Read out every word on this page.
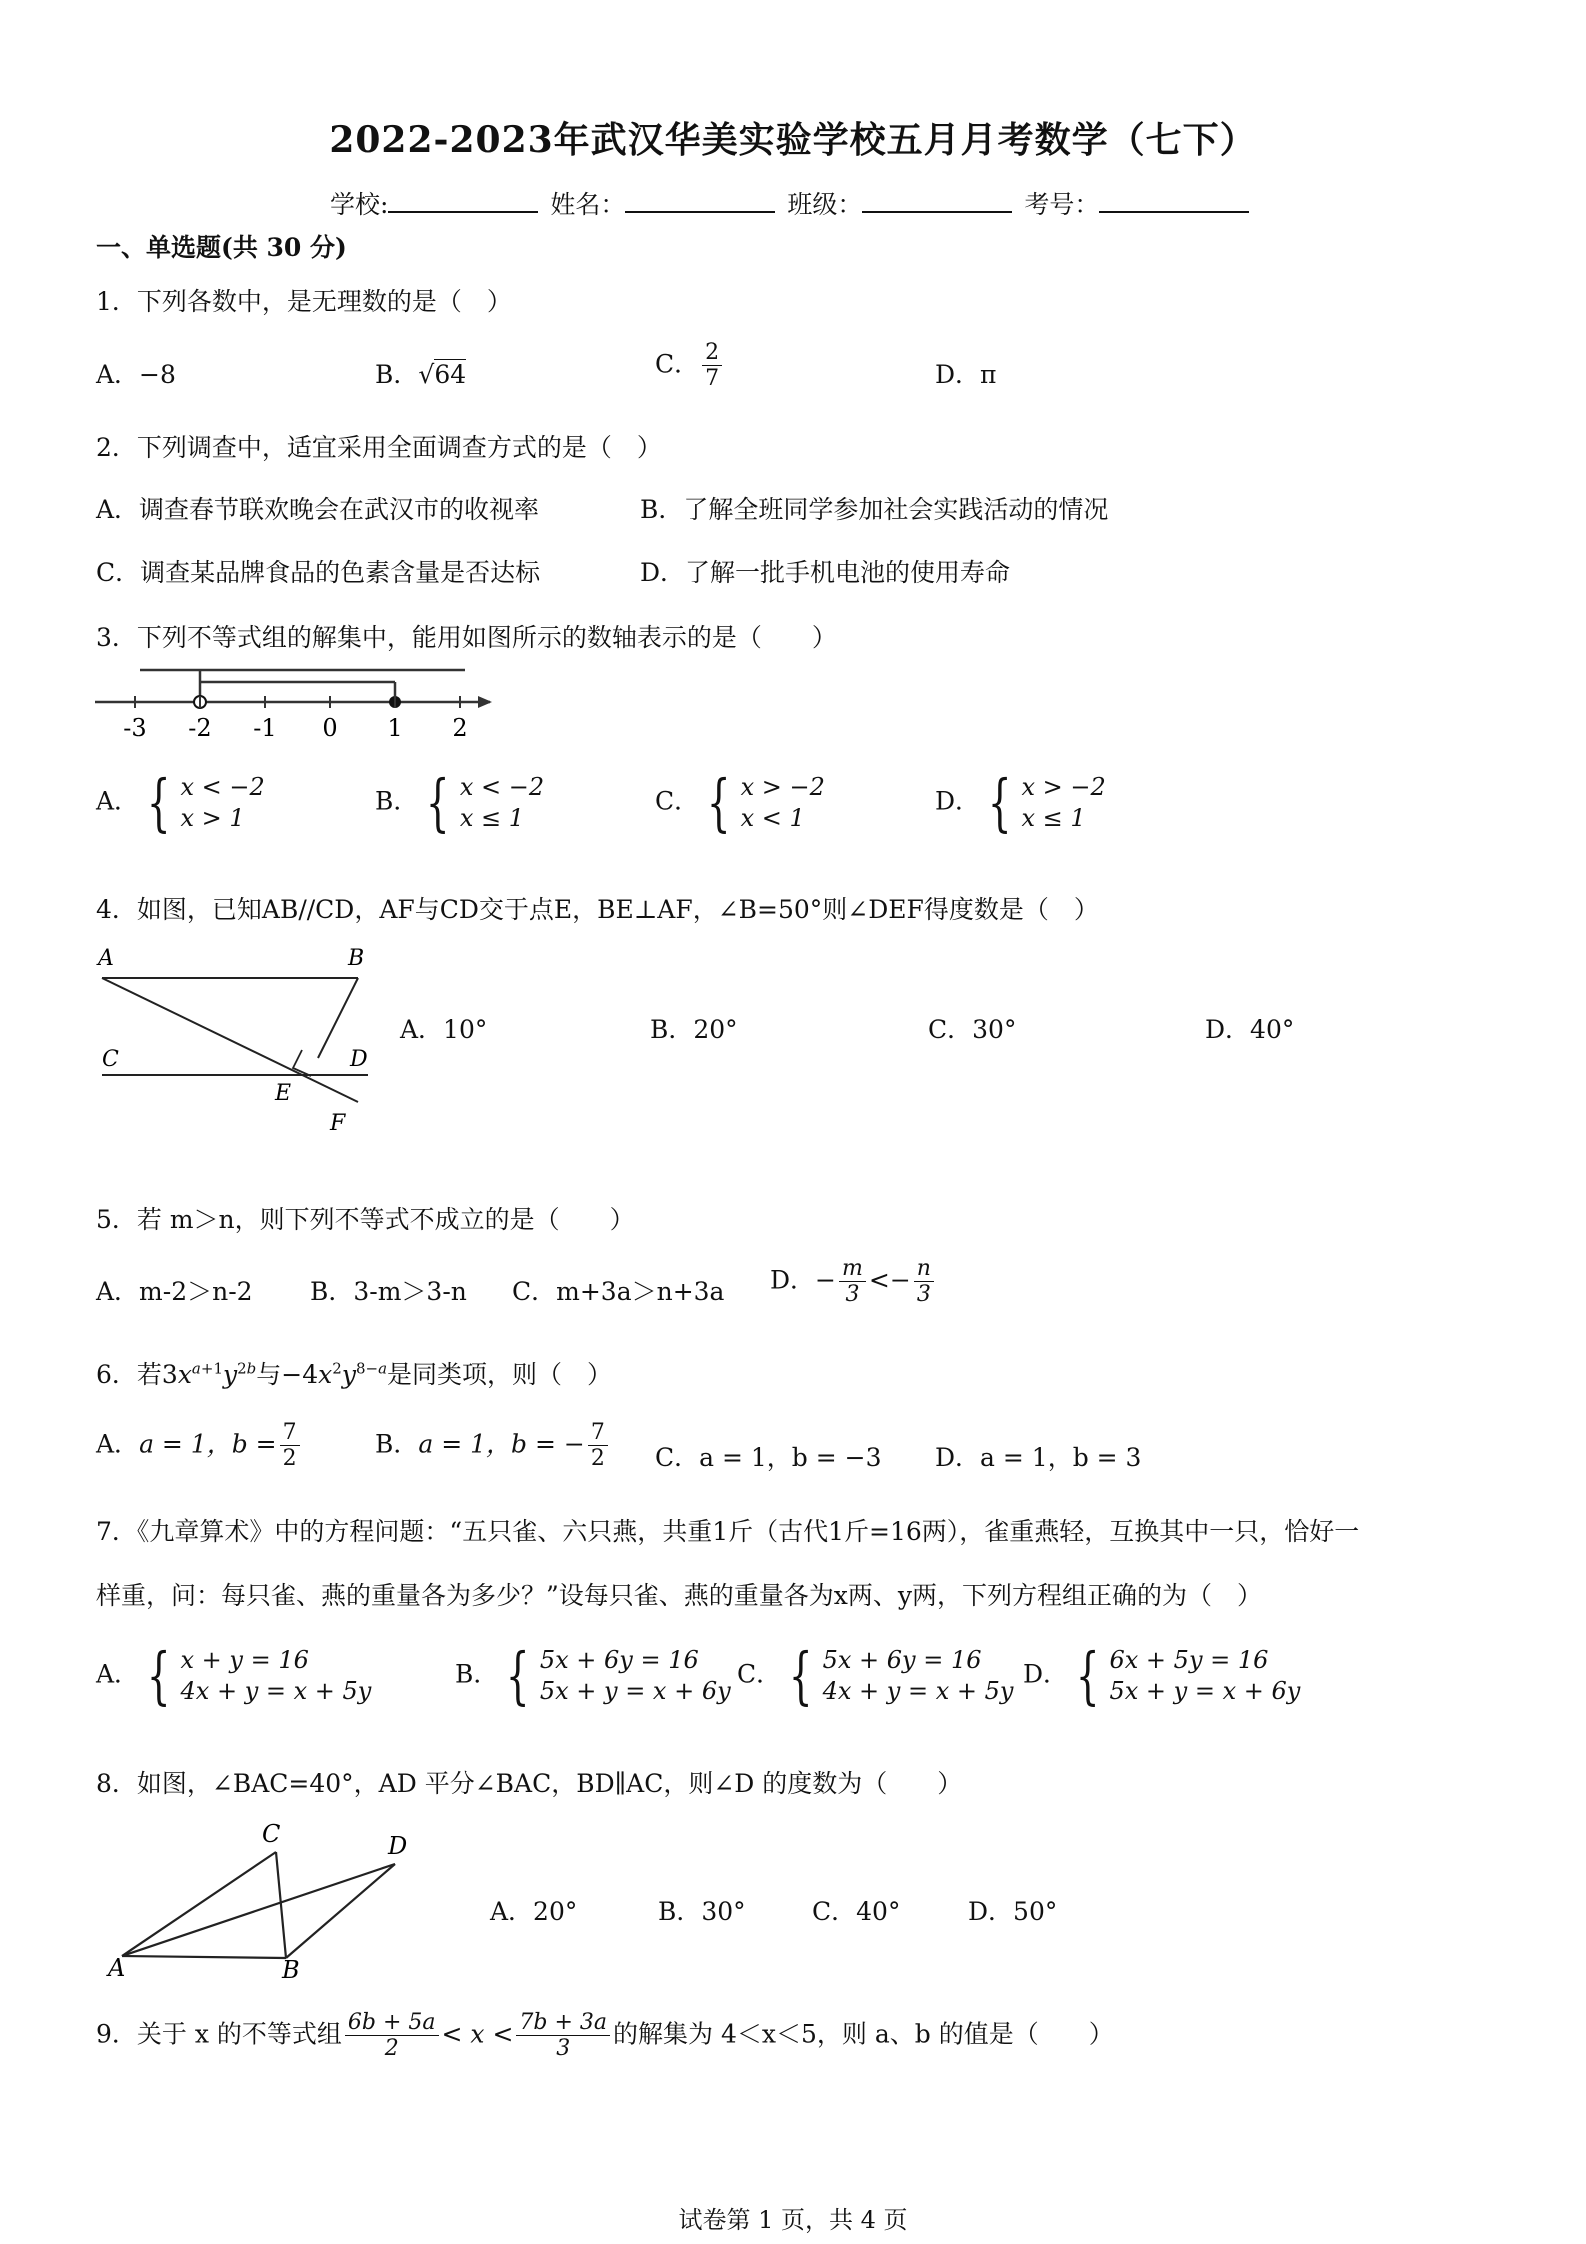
2022-2023年武汉华美实验学校五月月考数学（七下）
学校:	姓名：	班级：	考号：
一、单选题(共 30 分)
1．下列各数中，是无理数的是（　）
A．−8	B．√64	C． $\frac{2}{7}$	D．π
2．下列调查中，适宜采用全面调查方式的是（　）
A．调查春节联欢晚会在武汉市的收视率	B．了解全班同学参加社会实践活动的情况
C．调查某品牌食品的色素含量是否达标	D．了解一批手机电池的使用寿命
3．下列不等式组的解集中，能用如图所示的数轴表示的是（　　）
-3 -2 -1 0 1 2
A． { x < −2
x > 1
B． { x < −2
x ≤ 1
C． { x > −2
x < 1
D． { x > −2
x ≤ 1
4．如图，已知AB//CD，AF与CD交于点E，BE⊥AF，∠B=50°则∠DEF得度数是（　）
A	B
C	D
E
F
A．10°	B．20°	C．30°	D．40°
5．若 m＞n，则下列不等式不成立的是（　　）
A．m-2＞n-2 B．3-m＞3-n C．m+3a＞n+3a D．− $\frac{m}{3} <- \frac{n}{3}$
6．若$3x^{a+1}y^{2b}$与$-4x^2y^{8-a}$是同类项，则（　）
A．a = 1，$b = \frac{7}{2}$	B．a = 1，b = − $\frac{7}{2}$ C．a = 1，b = −3 D．a = 1，b = 3
7．《九章算术》中的方程问题：“五只雀、六只燕，共重1斤（古代1斤=16两），雀重燕轻，互换其中一只，恰好一
样重，问：每只雀、燕的重量各为多少？”设每只雀、燕的重量各为x两、y两，下列方程组正确的为（　）
A． { x + y = 16
4x + y = x + 5y
B． { 5x + 6y = 16
5x + y = x + 6y
C． { 5x + 6y = 16
4x + y = x + 5y
D． { 6x + 5y = 16
5x + y = x + 6y
8．如图，∠BAC=40°，AD 平分∠BAC，BD∥AC，则∠D 的度数为（　　）
C	D
A	B
A．20°	B．30°	C．40°	D．50°
9．关于 x 的不等式组 $\frac{6b + 5a}{2} < x < \frac{7b + 3a}{3}$ 的解集为 4＜x＜5，则 a、b 的值是（　　）
试卷第 1 页，共 4 页
